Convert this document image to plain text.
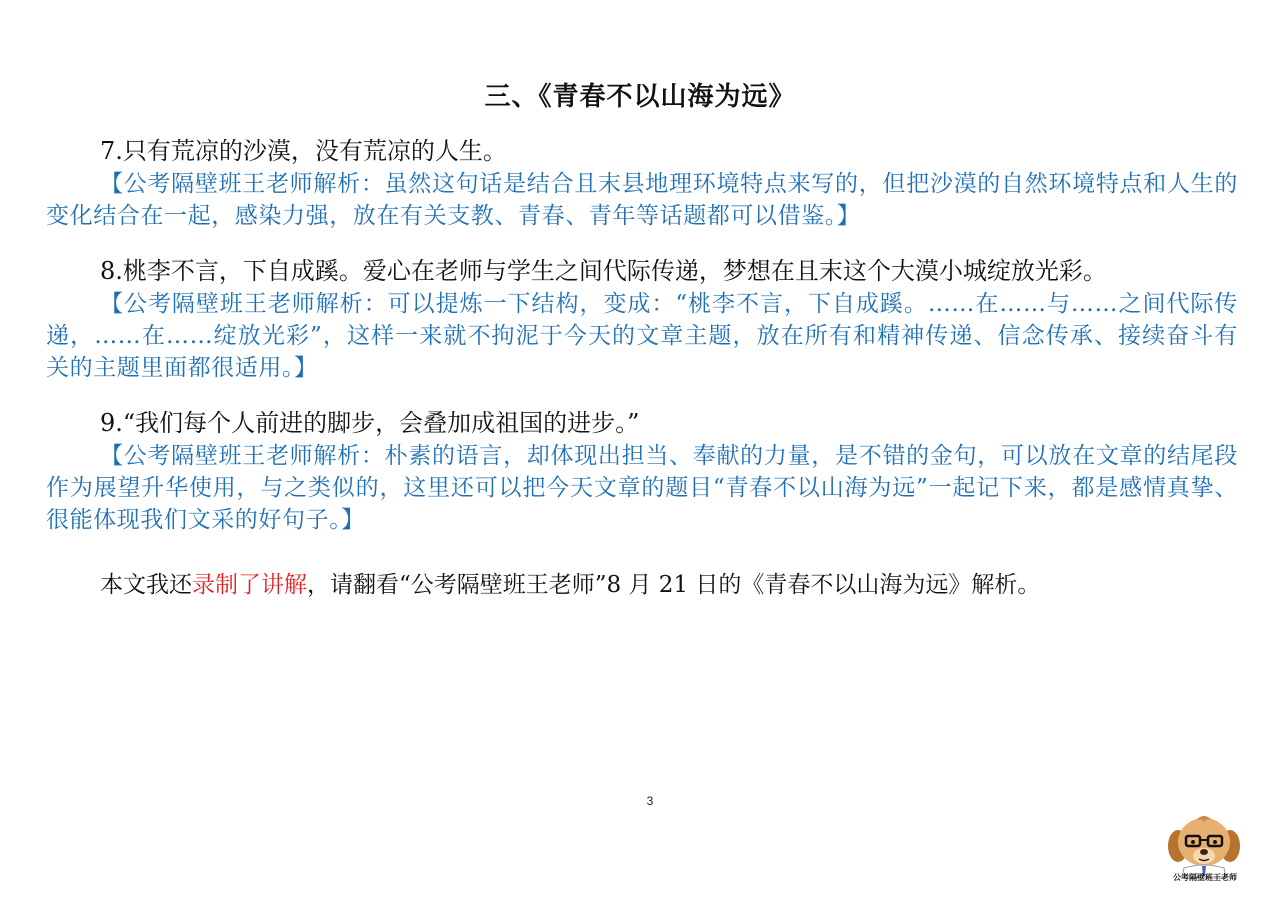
三、《青春不以山海为远》
7.只有荒凉的沙漠，没有荒凉的人生。
【公考隔壁班王老师解析：虽然这句话是结合且末县地理环境特点来写的，但把沙漠的自然环境特点和人生的变化结合在一起，感染力强，放在有关支教、青春、青年等话题都可以借鉴。】
8.桃李不言，下自成蹊。爱心在老师与学生之间代际传递，梦想在且末这个大漠小城绽放光彩。
【公考隔壁班王老师解析：可以提炼一下结构，变成：“桃李不言，下自成蹊。……在……与……之间代际传递，……在……绽放光彩”，这样一来就不拘泥于今天的文章主题，放在所有和精神传递、信念传承、接续奋斗有关的主题里面都很适用。】
9.“我们每个人前进的脚步，会叠加成祖国的进步。”
【公考隔壁班王老师解析：朴素的语言，却体现出担当、奉献的力量，是不错的金句，可以放在文章的结尾段作为展望升华使用，与之类似的，这里还可以把今天文章的题目“青春不以山海为远”一起记下来，都是感情真挚、很能体现我们文采的好句子。】
本文我还录制了讲解，请翻看“公考隔壁班王老师”8 月 21 日的《青春不以山海为远》解析。
3
公考隔壁班王老师
